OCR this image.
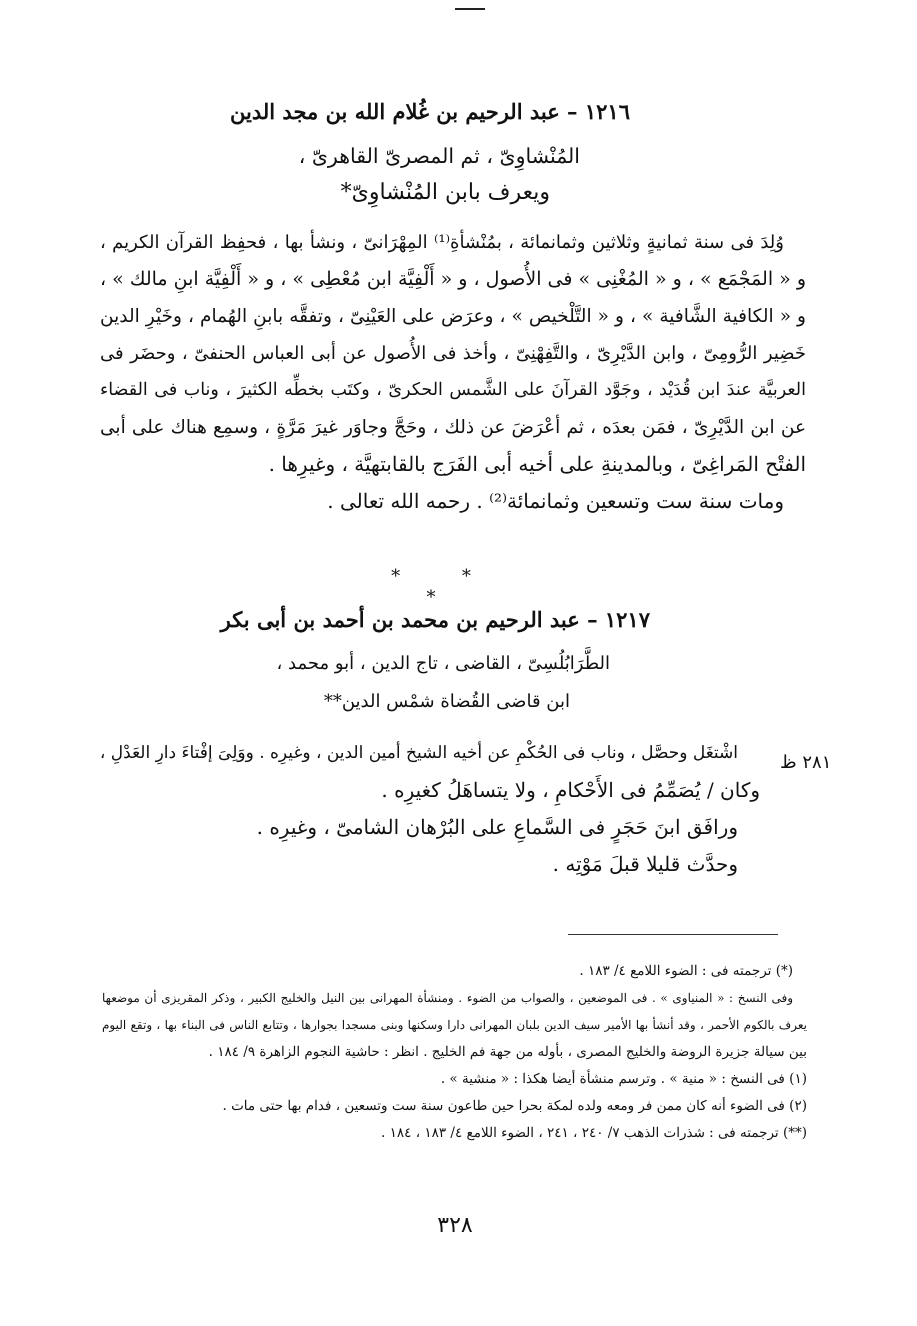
١٢١٦ – عبد الرحيم بن غُلام الله بن مجد الدين
المُنْشاوِىّ ، ثم المصرىّ القاهرىّ ،
ويعرف بابن المُنْشاوِىّ*
وُلِدَ فى سنة ثمانيةٍ وثلاثين وثمانمائة ، بمُنْشأةِ⁽¹⁾ المِهْرَانىّ ، ونشأ بها ، فحفِظ القرآن الكريم ،
و « المَجْمَع » ، و « المُغْنِى » فى الأُصول ، و « أَلْفِيَّة ابن مُعْطِى » ، و « أَلْفِيَّة ابنِ مالك » ،
و « الكافية الشَّافية » ، و « التَّلْخيص » ، وعرَض على العَيْنِىّ ، وتفقَّه بابنِ الهُمام ، وخَيْرِ الدين
خَضِير الرُّومِىّ ، وابن الدَّيْرِىّ ، والتَّفِهْنِىّ ، وأخذ فى الأُصول عن أبى العباس الحنفىّ ، وحضَر فى
العربيَّة عندَ ابن قُدَيْد ، وجَوَّد القرآنَ على الشَّمس الحكرىّ ، وكتَب بخطِّه الكثيرَ ، وناب فى القضاء
عن ابن الدَّيْرِىّ ، فمَن بعدَه ، ثم أعْرَضَ عن ذلك ، وحَجَّ وجاوَر غيرَ مَرَّةٍ ، وسمِع هناك على أبى
الفتْح المَراغِىّ ، وبالمدينةِ على أخيه أبى الفَرَج بالقابتهيَّة ، وغيرِها .
ومات سنة ست وتسعين وثمانمائة⁽²⁾ . رحمه الله تعالى .
* * *
١٢١٧ – عبد الرحيم بن محمد بن أحمد بن أبى بكر
الطَّرَابُلُسِىّ ، القاضى ، تاج الدين ، أبو محمد ،
ابن قاضى القُضاة شمْس الدين**
اشْتغَل وحصَّل ، وناب فى الحُكْمِ عن أخيه الشيخ أمين الدين ، وغيرِه . ووَلِىَ إفْتاءَ دارِ العَدْلِ ،
وكان / يُصَمِّمُ فى الأَحْكامِ ، ولا يتساهَلُ كغيرِه .
ورافَق ابنَ حَجَرٍ فى السَّماعِ على البُرْهان الشامىّ ، وغيرِه .
وحدَّث قليلا قبلَ مَوْتِه .
٢٨١ ظ
(*) ترجمته فى : الضوء اللامع ٤/ ١٨٣ .
وفى النسخ : « المنياوى » . فى الموضعين ، والصواب من الضوء . ومنشأة المهرانى بين النيل والخليج الكبير ، وذكر المقريزى أن موضعها
يعرف بالكوم الأحمر ، وقد أنشأ بها الأمير سيف الدين بلبان المهرانى دارا وسكنها وبنى مسجدا بجوارها ، وتتابع الناس فى البناء بها ، وتقع اليوم
بين سيالة جزيرة الروضة والخليج المصرى ، بأوله من جهة فم الخليج . انظر : حاشية النجوم الزاهرة ٩/ ١٨٤ .
(١) فى النسخ : « منية » . وترسم منشأة أيضا هكذا : « منشية » .
(٢) فى الضوء أنه كان ممن فر ومعه ولده لمكة بحرا حين طاعون سنة ست وتسعين ، فدام بها حتى مات .
(**) ترجمته فى : شذرات الذهب ٧/ ٢٤٠ ، ٢٤١ ، الضوء اللامع ٤/ ١٨٣ ، ١٨٤ .
٣٢٨
